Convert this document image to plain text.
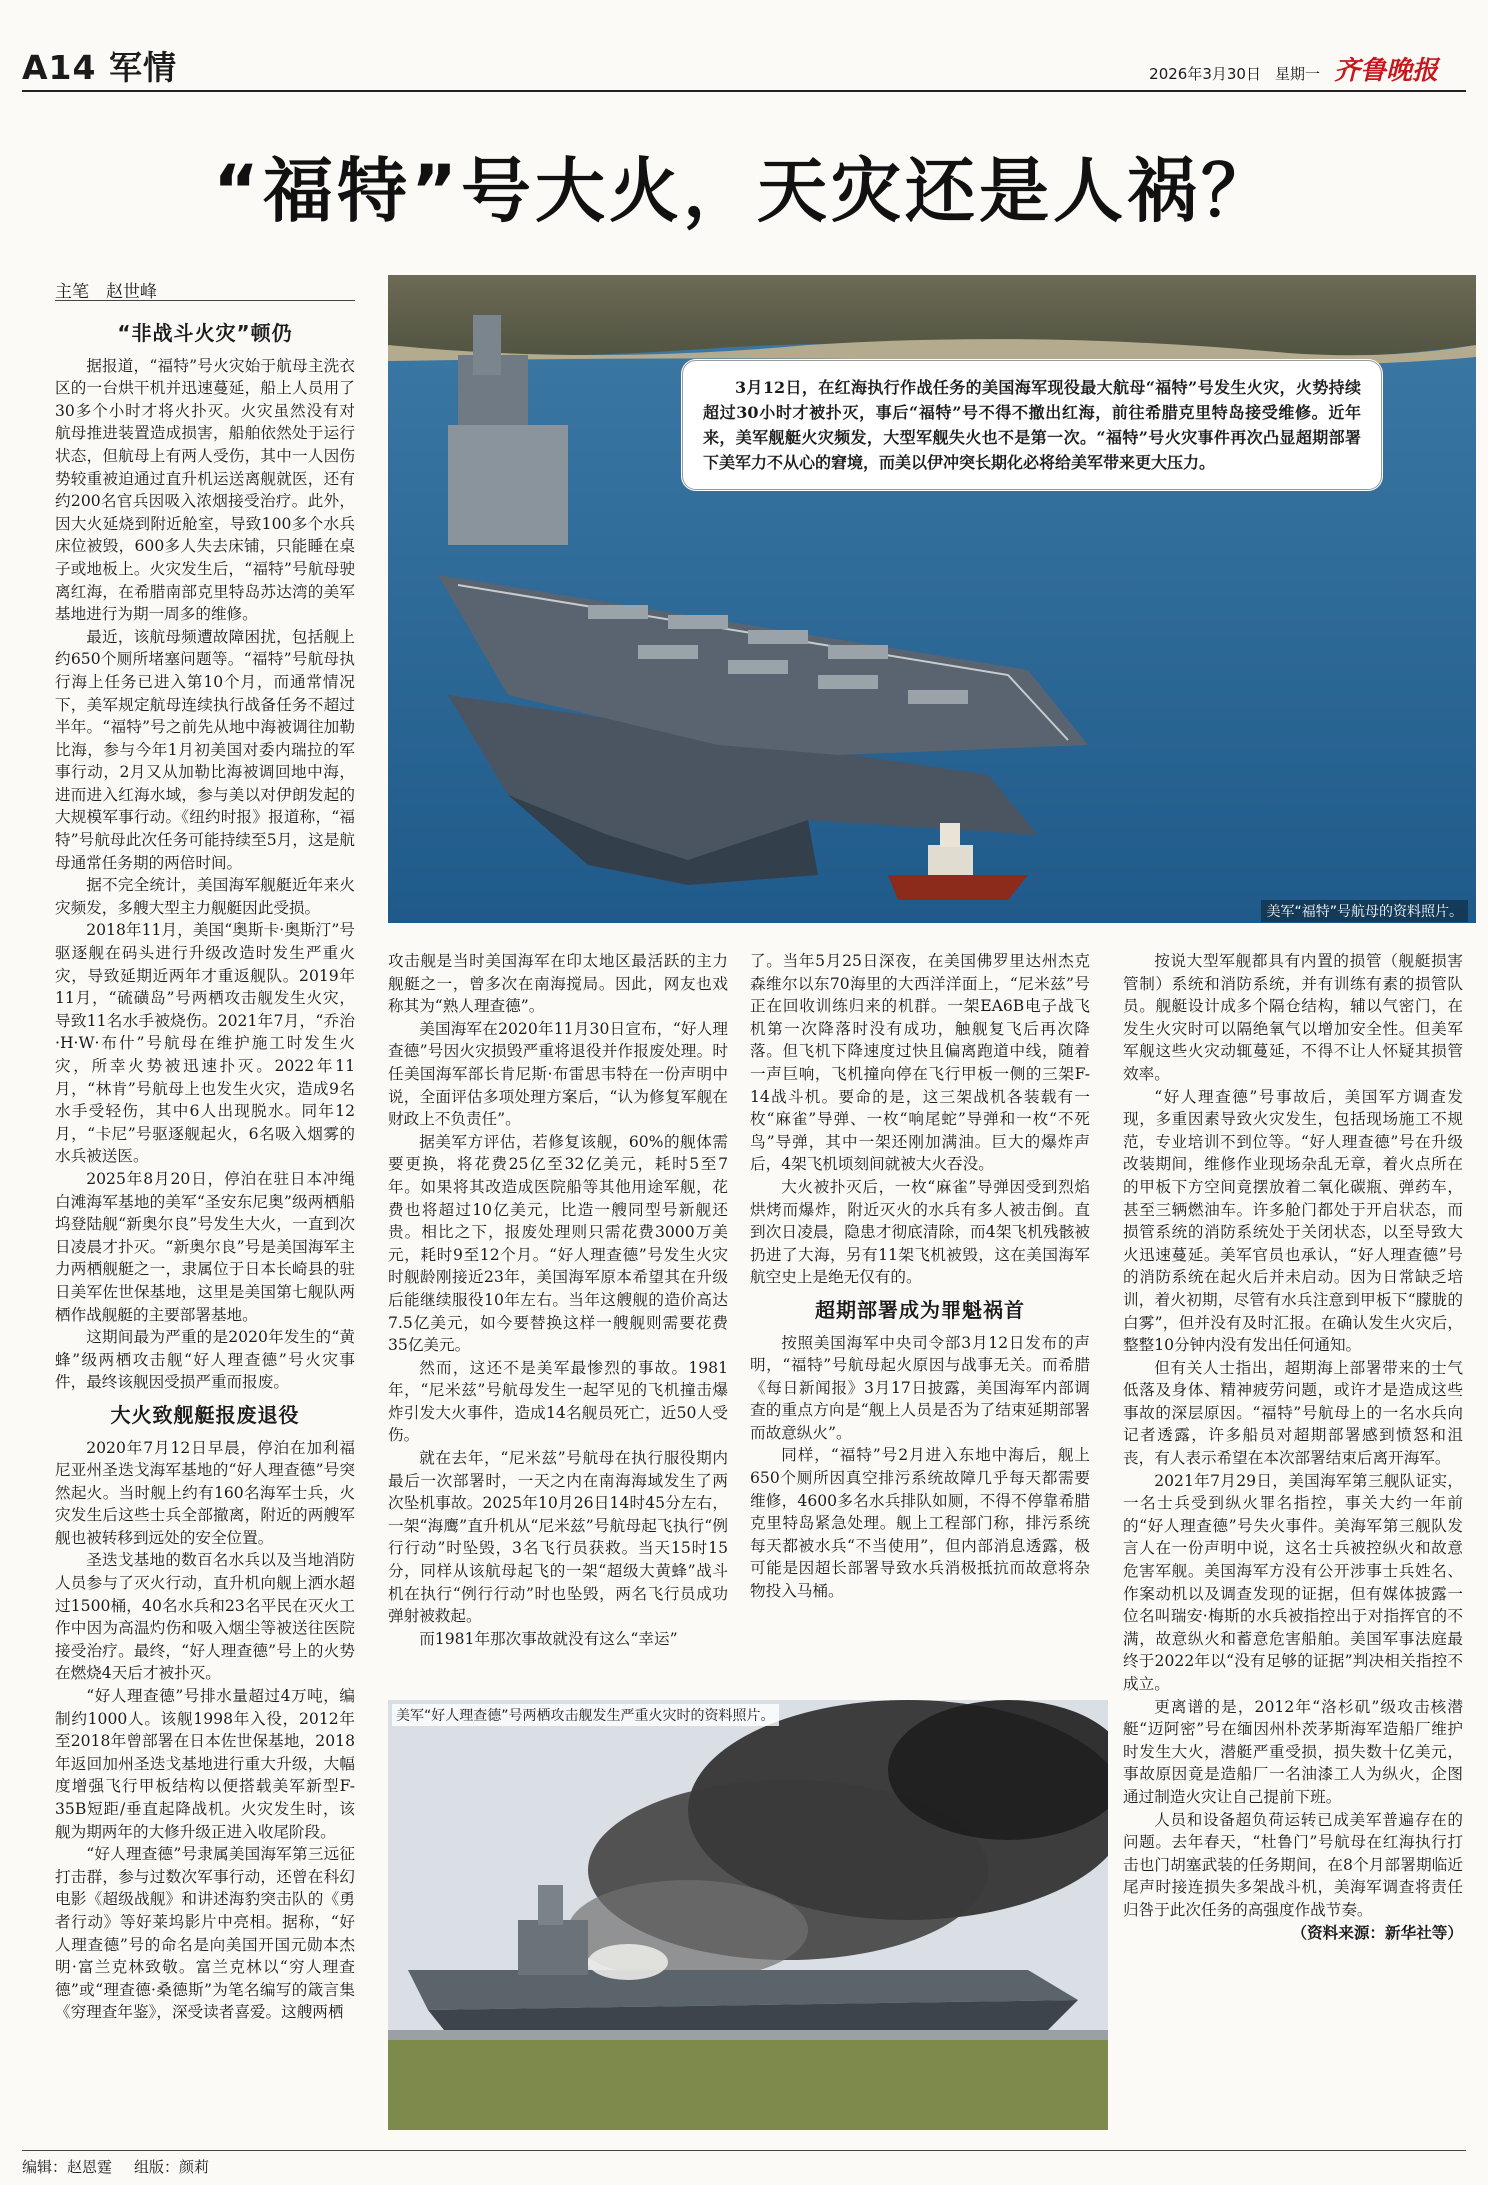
A14 军情	2026年3月30日 星期一 齐鲁晚报
“福特”号大火，天灾还是人祸？
主笔　赵世峰
“非战斗火灾”顿仍

据报道，“福特”号火灾始于航母主洗衣区的一台烘干机并迅速蔓延，船上人员用了30多个小时才将火扑灭。火灾虽然没有对航母推进装置造成损害，船舶依然处于运行状态，但航母上有两人受伤，其中一人因伤势较重被迫通过直升机运送离舰就医，还有约200名官兵因吸入浓烟接受治疗。此外，因大火延烧到附近舱室，导致100多个水兵床位被毁，600多人失去床铺，只能睡在桌子或地板上。火灾发生后，“福特”号航母驶离红海，在希腊南部克里特岛苏达湾的美军基地进行为期一周多的维修。

最近，该航母频遭故障困扰，包括舰上约650个厕所堵塞问题等。“福特”号航母执行海上任务已进入第10个月，而通常情况下，美军规定航母连续执行战备任务不超过半年。“福特”号之前先从地中海被调往加勒比海，参与今年1月初美国对委内瑞拉的军事行动，2月又从加勒比海被调回地中海，进而进入红海水域，参与美以对伊朗发起的大规模军事行动。《纽约时报》报道称，“福特”号航母此次任务可能持续至5月，这是航母通常任务期的两倍时间。

据不完全统计，美国海军舰艇近年来火灾频发，多艘大型主力舰艇因此受损。

2018年11月，美国“奥斯卡·奥斯汀”号驱逐舰在码头进行升级改造时发生严重火灾，导致延期近两年才重返舰队。2019年11月，“硫磺岛”号两栖攻击舰发生火灾，导致11名水手被烧伤。2021年7月，“乔治·H·W·布什”号航母在维护施工时发生火灾，所幸火势被迅速扑灭。2022年11月，“林肯”号航母上也发生火灾，造成9名水手受轻伤，其中6人出现脱水。同年12月，“卡尼”号驱逐舰起火，6名吸入烟雾的水兵被送医。

2025年8月20日，停泊在驻日本冲绳白滩海军基地的美军“圣安东尼奥”级两栖船坞登陆舰“新奥尔良”号发生大火，一直到次日凌晨才扑灭。“新奥尔良”号是美国海军主力两栖舰艇之一，隶属位于日本长崎县的驻日美军佐世保基地，这里是美国第七舰队两栖作战舰艇的主要部署基地。

这期间最为严重的是2020年发生的“黄蜂”级两栖攻击舰“好人理查德”号火灾事件，最终该舰因受损严重而报废。

大火致舰艇报废退役

2020年7月12日早晨，停泊在加利福尼亚州圣迭戈海军基地的“好人理查德”号突然起火。当时舰上约有160名海军士兵，火灾发生后这些士兵全部撤离，附近的两艘军舰也被转移到远处的安全位置。

圣迭戈基地的数百名水兵以及当地消防人员参与了灭火行动，直升机向舰上洒水超过1500桶，40名水兵和23名平民在灭火工作中因为高温灼伤和吸入烟尘等被送往医院接受治疗。最终，“好人理查德”号上的火势在燃烧4天后才被扑灭。

“好人理查德”号排水量超过4万吨，编制约1000人。该舰1998年入役，2012年至2018年曾部署在日本佐世保基地，2018年返回加州圣迭戈基地进行重大升级，大幅度增强飞行甲板结构以便搭载美军新型F-35B短距/垂直起降战机。火灾发生时，该舰为期两年的大修升级正进入收尾阶段。

“好人理查德”号隶属美国海军第三远征打击群，参与过数次军事行动，还曾在科幻电影《超级战舰》和讲述海豹突击队的《勇者行动》等好莱坞影片中亮相。据称，“好人理查德”号的命名是向美国开国元勋本杰明·富兰克林致敬。富兰克林以“穷人理查德”或“理查德·桑德斯”为笔名编写的箴言集《穷理查年鉴》，深受读者喜爱。这艘两栖

3月12日，在红海执行作战任务的美国海军现役最大航母“福特”号发生火灾，火势持续超过30小时才被扑灭，事后“福特”号不得不撤出红海，前往希腊克里特岛接受维修。近年来，美军舰艇火灾频发，大型军舰失火也不是第一次。“福特”号火灾事件再次凸显超期部署下美军力不从心的窘境，而美以伊冲突长期化必将给美军带来更大压力。
美军“福特”号航母的资料照片。

攻击舰是当时美国海军在印太地区最活跃的主力舰艇之一，曾多次在南海搅局。因此，网友也戏称其为“熟人理查德”。

美国海军在2020年11月30日宣布，“好人理查德”号因火灾损毁严重将退役并作报废处理。时任美国海军部长肯尼斯·布雷思韦特在一份声明中说，全面评估多项处理方案后，“认为修复军舰在财政上不负责任”。

据美军方评估，若修复该舰，60%的舰体需要更换，将花费25亿至32亿美元，耗时5至7年。如果将其改造成医院船等其他用途军舰，花费也将超过10亿美元，比造一艘同型号新舰还贵。相比之下，报废处理则只需花费3000万美元，耗时9至12个月。“好人理查德”号发生火灾时舰龄刚接近23年，美国海军原本希望其在升级后能继续服役10年左右。当年这艘舰的造价高达7.5亿美元，如今要替换这样一艘舰则需要花费35亿美元。

然而，这还不是美军最惨烈的事故。1981年，“尼米兹”号航母发生一起罕见的飞机撞击爆炸引发大火事件，造成14名舰员死亡，近50人受伤。

就在去年，“尼米兹”号航母在执行服役期内最后一次部署时，一天之内在南海海域发生了两次坠机事故。2025年10月26日14时45分左右，一架“海鹰”直升机从“尼米兹”号航母起飞执行“例行行动”时坠毁，3名飞行员获救。当天15时15分，同样从该航母起飞的一架“超级大黄蜂”战斗机在执行“例行行动”时也坠毁，两名飞行员成功弹射被救起。

而1981年那次事故就没有这么“幸运”

了。当年5月25日深夜，在美国佛罗里达州杰克森维尔以东70海里的大西洋洋面上，“尼米兹”号正在回收训练归来的机群。一架EA6B电子战飞机第一次降落时没有成功，触舰复飞后再次降落。但飞机下降速度过快且偏离跑道中线，随着一声巨响，飞机撞向停在飞行甲板一侧的三架F-14战斗机。要命的是，这三架战机各装载有一枚“麻雀”导弹、一枚“响尾蛇”导弹和一枚“不死鸟”导弹，其中一架还刚加满油。巨大的爆炸声后，4架飞机顷刻间就被大火吞没。

大火被扑灭后，一枚“麻雀”导弹因受到烈焰烘烤而爆炸，附近灭火的水兵有多人被击倒。直到次日凌晨，隐患才彻底清除，而4架飞机残骸被扔进了大海，另有11架飞机被毁，这在美国海军航空史上是绝无仅有的。

超期部署成为罪魁祸首

按照美国海军中央司令部3月12日发布的声明，“福特”号航母起火原因与战事无关。而希腊《每日新闻报》3月17日披露，美国海军内部调查的重点方向是“舰上人员是否为了结束延期部署而故意纵火”。

同样，“福特”号2月进入东地中海后，舰上650个厕所因真空排污系统故障几乎每天都需要维修，4600多名水兵排队如厕，不得不停靠希腊克里特岛紧急处理。舰上工程部门称，排污系统每天都被水兵“不当使用”，但内部消息透露，极可能是因超长部署导致水兵消极抵抗而故意将杂物投入马桶。

按说大型军舰都具有内置的损管（舰艇损害管制）系统和消防系统，并有训练有素的损管队员。舰艇设计成多个隔仓结构，辅以气密门，在发生火灾时可以隔绝氧气以增加安全性。但美军军舰这些火灾动辄蔓延，不得不让人怀疑其损管效率。

“好人理查德”号事故后，美国军方调查发现，多重因素导致火灾发生，包括现场施工不规范，专业培训不到位等。“好人理查德”号在升级改装期间，维修作业现场杂乱无章，着火点所在的甲板下方空间竟摆放着二氧化碳瓶、弹药车，甚至三辆燃油车。许多舱门都处于开启状态，而损管系统的消防系统处于关闭状态，以至导致大火迅速蔓延。美军官员也承认，“好人理查德”号的消防系统在起火后并未启动。因为日常缺乏培训，着火初期，尽管有水兵注意到甲板下“朦胧的白雾”，但并没有及时汇报。在确认发生火灾后，整整10分钟内没有发出任何通知。

但有关人士指出，超期海上部署带来的士气低落及身体、精神疲劳问题，或许才是造成这些事故的深层原因。“福特”号航母上的一名水兵向记者透露，许多船员对超期部署感到愤怒和沮丧，有人表示希望在本次部署结束后离开海军。

2021年7月29日，美国海军第三舰队证实，一名士兵受到纵火罪名指控，事关大约一年前的“好人理查德”号失火事件。美海军第三舰队发言人在一份声明中说，这名士兵被控纵火和故意危害军舰。美国海军方没有公开涉事士兵姓名、作案动机以及调查发现的证据，但有媒体披露一位名叫瑞安·梅斯的水兵被指控出于对指挥官的不满，故意纵火和蓄意危害船舶。美国军事法庭最终于2022年以“没有足够的证据”判决相关指控不成立。

更离谱的是，2012年“洛杉矶”级攻击核潜艇“迈阿密”号在缅因州朴茨茅斯海军造船厂维护时发生大火，潜艇严重受损，损失数十亿美元，事故原因竟是造船厂一名油漆工人为纵火，企图通过制造火灾让自己提前下班。

人员和设备超负荷运转已成美军普遍存在的问题。去年春天，“杜鲁门”号航母在红海执行打击也门胡塞武装的任务期间，在8个月部署期临近尾声时接连损失多架战斗机，美海军调查将责任归咎于此次任务的高强度作战节奏。

（资料来源：新华社等）
美军“好人理查德”号两栖攻击舰发生严重火灾时的资料照片。
编辑：赵恩霆 组版：颜莉
